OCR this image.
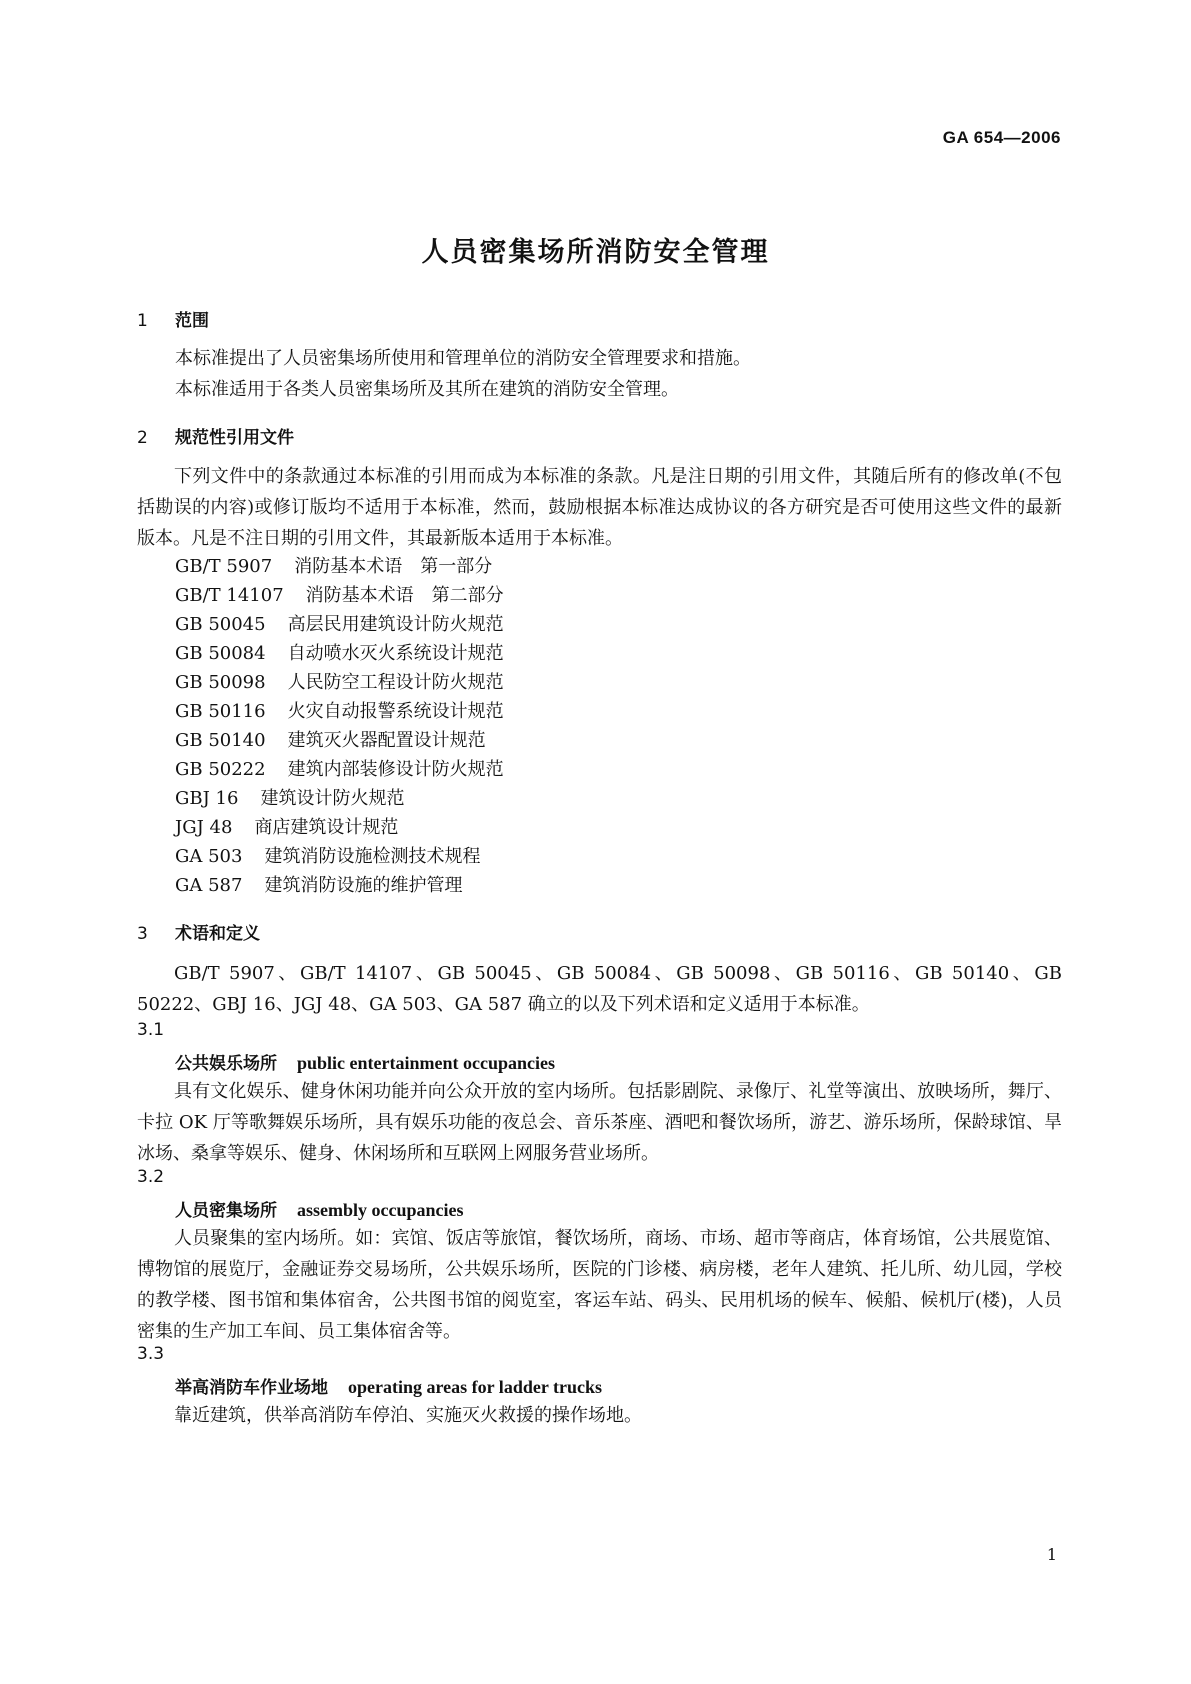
GA 654—2006
人员密集场所消防安全管理
1 范围
本标准提出了人员密集场所使用和管理单位的消防安全管理要求和措施。
本标准适用于各类人员密集场所及其所在建筑的消防安全管理。
2 规范性引用文件
下列文件中的条款通过本标准的引用而成为本标准的条款。凡是注日期的引用文件，其随后所有的修改单(不包括勘误的内容)或修订版均不适用于本标准，然而，鼓励根据本标准达成协议的各方研究是否可使用这些文件的最新版本。凡是不注日期的引用文件，其最新版本适用于本标准。
GB/T 5907 消防基本术语　第一部分
GB/T 14107 消防基本术语　第二部分
GB 50045 高层民用建筑设计防火规范
GB 50084 自动喷水灭火系统设计规范
GB 50098 人民防空工程设计防火规范
GB 50116 火灾自动报警系统设计规范
GB 50140 建筑灭火器配置设计规范
GB 50222 建筑内部装修设计防火规范
GBJ 16 建筑设计防火规范
JGJ 48 商店建筑设计规范
GA 503 建筑消防设施检测技术规程
GA 587 建筑消防设施的维护管理
3 术语和定义
GB/T 5907、GB/T 14107、GB 50045、GB 50084、GB 50098、GB 50116、GB 50140、GB 50222、GBJ 16、JGJ 48、GA 503、GA 587 确立的以及下列术语和定义适用于本标准。
3.1
公共娱乐场所 public entertainment occupancies
具有文化娱乐、健身休闲功能并向公众开放的室内场所。包括影剧院、录像厅、礼堂等演出、放映场所，舞厅、卡拉 OK 厅等歌舞娱乐场所，具有娱乐功能的夜总会、音乐茶座、酒吧和餐饮场所，游艺、游乐场所，保龄球馆、旱冰场、桑拿等娱乐、健身、休闲场所和互联网上网服务营业场所。
3.2
人员密集场所 assembly occupancies
人员聚集的室内场所。如：宾馆、饭店等旅馆，餐饮场所，商场、市场、超市等商店，体育场馆，公共展览馆、博物馆的展览厅，金融证券交易场所，公共娱乐场所，医院的门诊楼、病房楼，老年人建筑、托儿所、幼儿园，学校的教学楼、图书馆和集体宿舍，公共图书馆的阅览室，客运车站、码头、民用机场的候车、候船、候机厅(楼)，人员密集的生产加工车间、员工集体宿舍等。
3.3
举高消防车作业场地 operating areas for ladder trucks
靠近建筑，供举高消防车停泊、实施灭火救援的操作场地。
1
